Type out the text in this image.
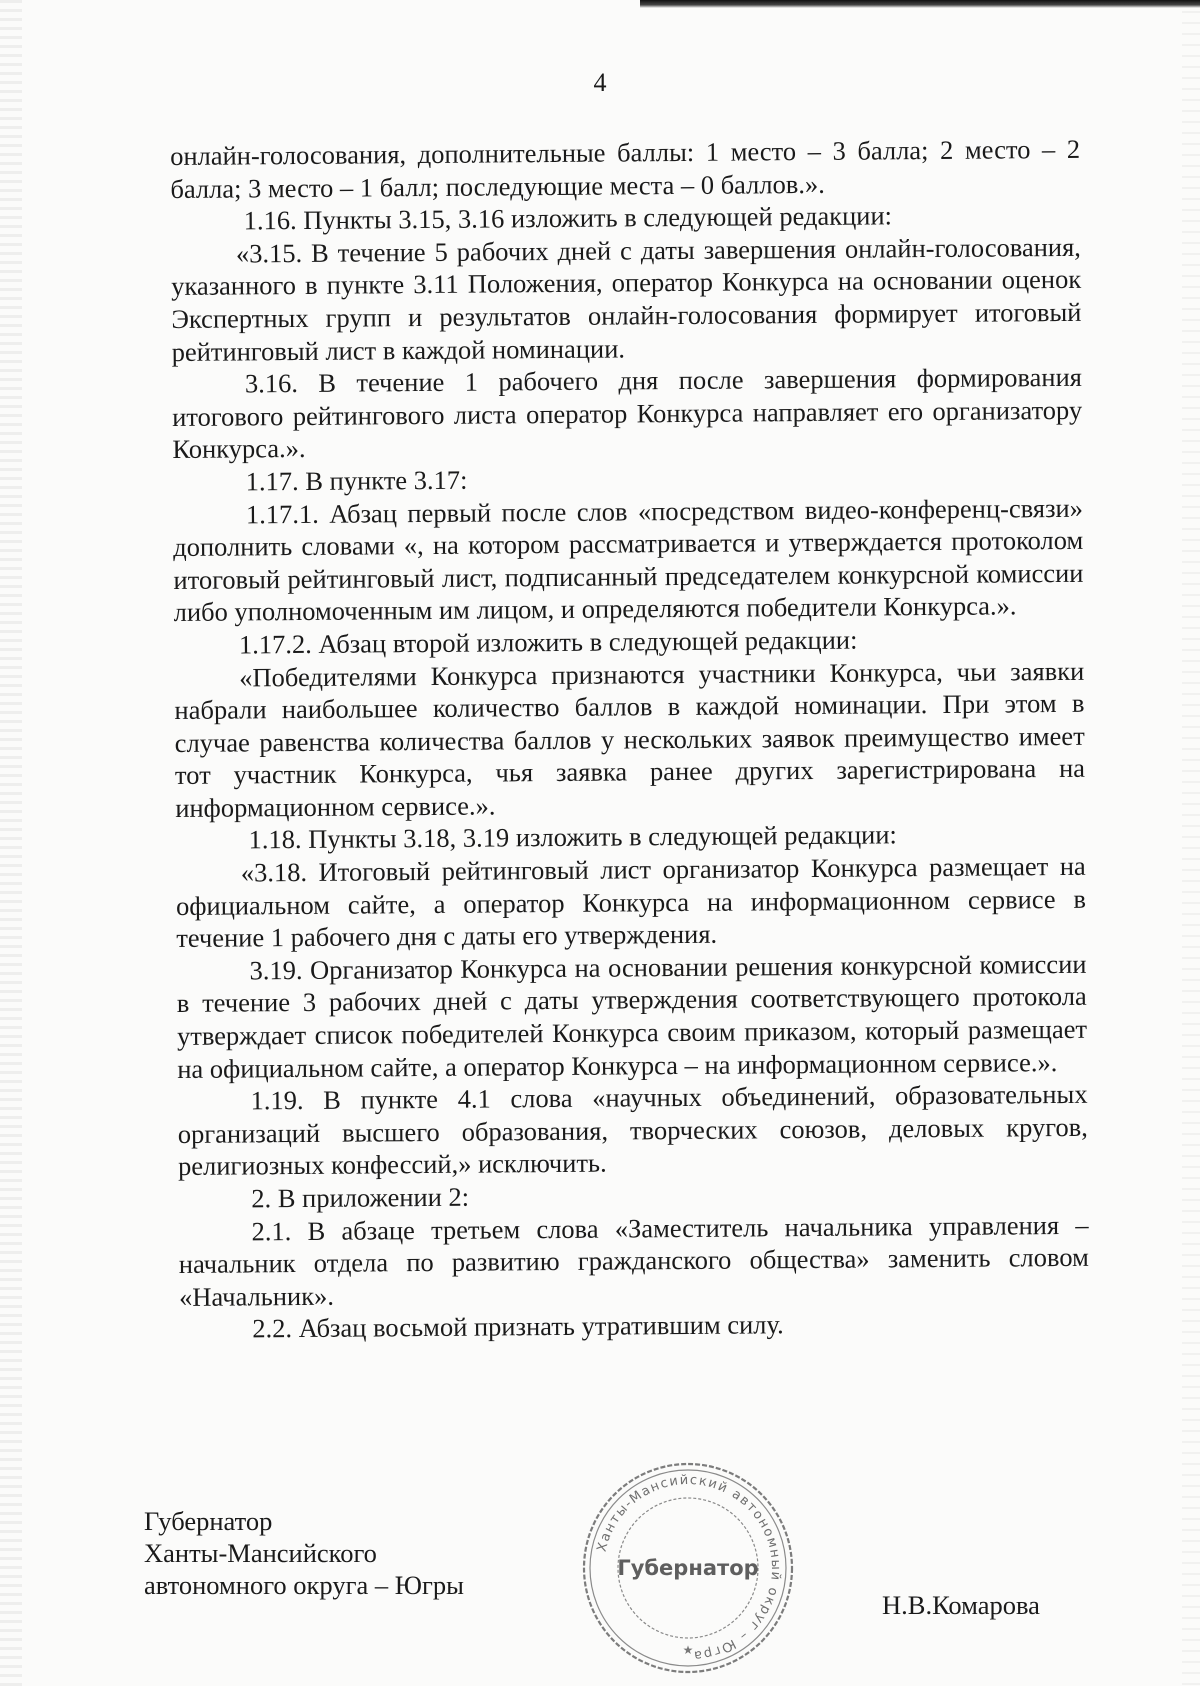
4

онлайн-голосования, дополнительные баллы: 1 место – 3 балла; 2 место – 2 балла; 3 место – 1 балл; последующие места – 0 баллов.».

1.16. Пункты 3.15, 3.16 изложить в следующей редакции:

«3.15. В течение 5 рабочих дней с даты завершения онлайн-голосования, указанного в пункте 3.11 Положения, оператор Конкурса на основании оценок Экспертных групп и результатов онлайн-голосования формирует итоговый рейтинговый лист в каждой номинации.

3.16. В течение 1 рабочего дня после завершения формирования итогового рейтингового листа оператор Конкурса направляет его организатору Конкурса.».

1.17. В пункте 3.17:

1.17.1. Абзац первый после слов «посредством видео-конференц-связи» дополнить словами «, на котором рассматривается и утверждается протоколом итоговый рейтинговый лист, подписанный председателем конкурсной комиссии либо уполномоченным им лицом, и определяются победители Конкурса.».

1.17.2. Абзац второй изложить в следующей редакции:

«Победителями Конкурса признаются участники Конкурса, чьи заявки набрали наибольшее количество баллов в каждой номинации. При этом в случае равенства количества баллов у нескольких заявок преимущество имеет тот участник Конкурса, чья заявка ранее других зарегистрирована на информационном сервисе.».

1.18. Пункты 3.18, 3.19 изложить в следующей редакции:

«3.18. Итоговый рейтинговый лист организатор Конкурса размещает на официальном сайте, а оператор Конкурса на информационном сервисе в течение 1 рабочего дня с даты его утверждения.

3.19. Организатор Конкурса на основании решения конкурсной комиссии в течение 3 рабочих дней с даты утверждения соответствующего протокола утверждает список победителей Конкурса своим приказом, который размещает на официальном сайте, а оператор Конкурса – на информационном сервисе.».

1.19. В пункте 4.1 слова «научных объединений, образовательных организаций высшего образования, творческих союзов, деловых кругов, религиозных конфессий,» исключить.

2. В приложении 2:

2.1. В абзаце третьем слова «Заместитель начальника управления – начальник отдела по развитию гражданского общества» заменить словом «Начальник».

2.2. Абзац восьмой признать утратившим силу.

Губернатор
Ханты-Мансийского
автономного округа – Югры
Ханты-Мансийский автономный округ – Югра
Губернатор
★
Н.В.Комарова
